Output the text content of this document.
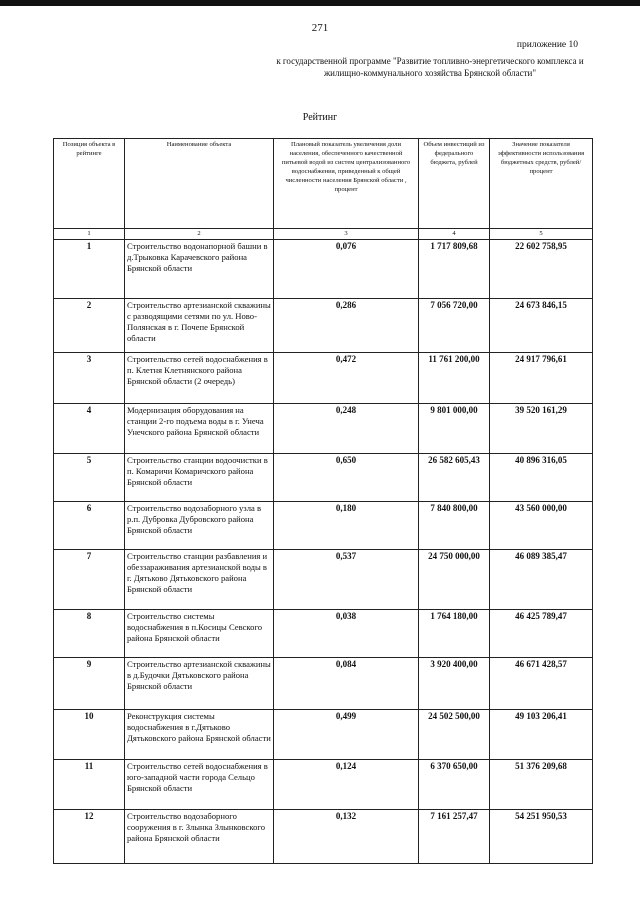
271
приложение 10
к государственной программе "Развитие топливно-энергетического комплекса и жилищно-коммунального хозяйства Брянской области"
Рейтинг
Позиция объекта в рейтинге	Наименование объекта	Плановый показатель увеличения доли населения, обеспеченного качественной питьевой водой из систем централизованного водоснабжения, приведенный к общей численности населения Брянской области , процент	Объем инвестиций из федерального бюджета, рублей	Значение показателя эффективности использования бюджетных средств, рублей/процент
1	2	3	4	5
1	Строительство водонапорной башни в д.Трыковка Карачевского района Брянской области	0,076	1 717 809,68	22 602 758,95
2	Строительство артезианской скважины с разводящими сетями по ул. Ново-Полянская в г. Почепе Брянской области	0,286	7 056 720,00	24 673 846,15
3	Строительство сетей водоснабжения в п. Клетня Клетнянского района Брянской области (2 очередь)	0,472	11 761 200,00	24 917 796,61
4	Модернизация оборудования на станции 2-го подъема воды в г. Унеча Унечского района Брянской области	0,248	9 801 000,00	39 520 161,29
5	Строительство станции водоочистки в п. Комаричи Комаричского района Брянской области	0,650	26 582 605,43	40 896 316,05
6	Строительство водозаборного узла в р.п. Дубровка Дубровского района Брянской области	0,180	7 840 800,00	43 560 000,00
7	Строительство станции разбавления и обеззараживания артезианской воды в г. Дятьково Дятьковского района Брянской области	0,537	24 750 000,00	46 089 385,47
8	Строительство системы водоснабжения в п.Косицы Севского района Брянской области	0,038	1 764 180,00	46 425 789,47
9	Строительство артезианской скважины в д.Будочки Дятьковского района Брянской области	0,084	3 920 400,00	46 671 428,57
10	Реконструкция системы водоснабжения в г.Дятьково Дятьковского района Брянской области	0,499	24 502 500,00	49 103 206,41
11	Строительство сетей водоснабжения в юго-западной части города Сельцо Брянской области	0,124	6 370 650,00	51 376 209,68
12	Строительство водозаборного сооружения в г. Злынка Злынковского района Брянской области	0,132	7 161 257,47	54 251 950,53
